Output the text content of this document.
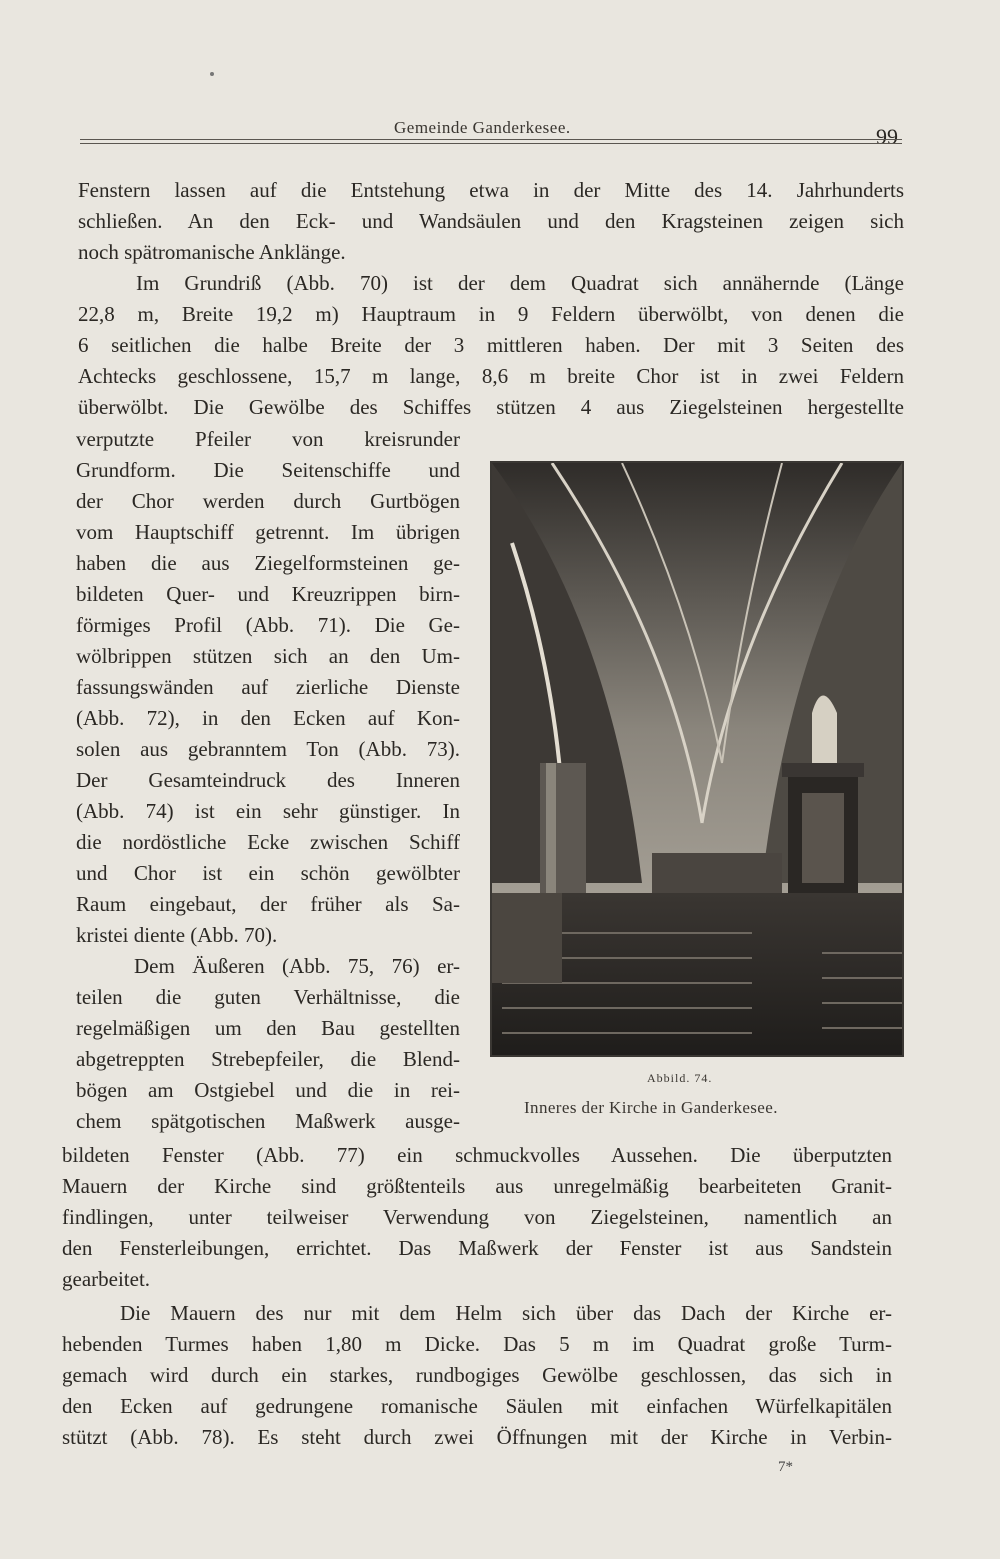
Gemeinde Ganderkesee.	99
Fenstern lassen auf die Entstehung etwa in der Mitte des 14. Jahrhunderts
schließen. An den Eck- und Wandsäulen und den Kragsteinen zeigen sich
noch spätromanische Anklänge.
Im Grundriß (Abb. 70) ist der dem Quadrat sich annähernde (Länge
22,8 m, Breite 19,2 m) Hauptraum in 9 Feldern überwölbt, von denen die
6 seitlichen die halbe Breite der 3 mittleren haben. Der mit 3 Seiten des
Achtecks geschlossene, 15,7 m lange, 8,6 m breite Chor ist in zwei Feldern
überwölbt. Die Gewölbe des Schiffes stützen 4 aus Ziegelsteinen hergestellte
verputzte Pfeiler von kreisrunder
Grundform. Die Seitenschiffe und
der Chor werden durch Gurtbögen
vom Hauptschiff getrennt. Im übrigen
haben die aus Ziegelformsteinen ge-
bildeten Quer- und Kreuzrippen birn-
förmiges Profil (Abb. 71). Die Ge-
wölbrippen stützen sich an den Um-
fassungswänden auf zierliche Dienste
(Abb. 72), in den Ecken auf Kon-
solen aus gebranntem Ton (Abb. 73).
Der Gesamteindruck des Inneren
(Abb. 74) ist ein sehr günstiger. In
die nordöstliche Ecke zwischen Schiff
und Chor ist ein schön gewölbter
Raum eingebaut, der früher als Sa-
kristei diente (Abb. 70).
Dem Äußeren (Abb. 75, 76) er-
teilen die guten Verhältnisse, die
regelmäßigen um den Bau gestellten
abgetreppten Strebepfeiler, die Blend-
bögen am Ostgiebel und die in rei-
chem spätgotischen Maßwerk ausge-
Abbild. 74.
Inneres der Kirche in Ganderkesee.
bildeten Fenster (Abb. 77) ein schmuckvolles Aussehen. Die überputzten
Mauern der Kirche sind größtenteils aus unregelmäßig bearbeiteten Granit-
findlingen, unter teilweiser Verwendung von Ziegelsteinen, namentlich an
den Fensterleibungen, errichtet. Das Maßwerk der Fenster ist aus Sandstein
gearbeitet.
Die Mauern des nur mit dem Helm sich über das Dach der Kirche er-
hebenden Turmes haben 1,80 m Dicke. Das 5 m im Quadrat große Turm-
gemach wird durch ein starkes, rundbogiges Gewölbe geschlossen, das sich in
den Ecken auf gedrungene romanische Säulen mit einfachen Würfelkapitälen
stützt (Abb. 78). Es steht durch zwei Öffnungen mit der Kirche in Verbin-
7*
